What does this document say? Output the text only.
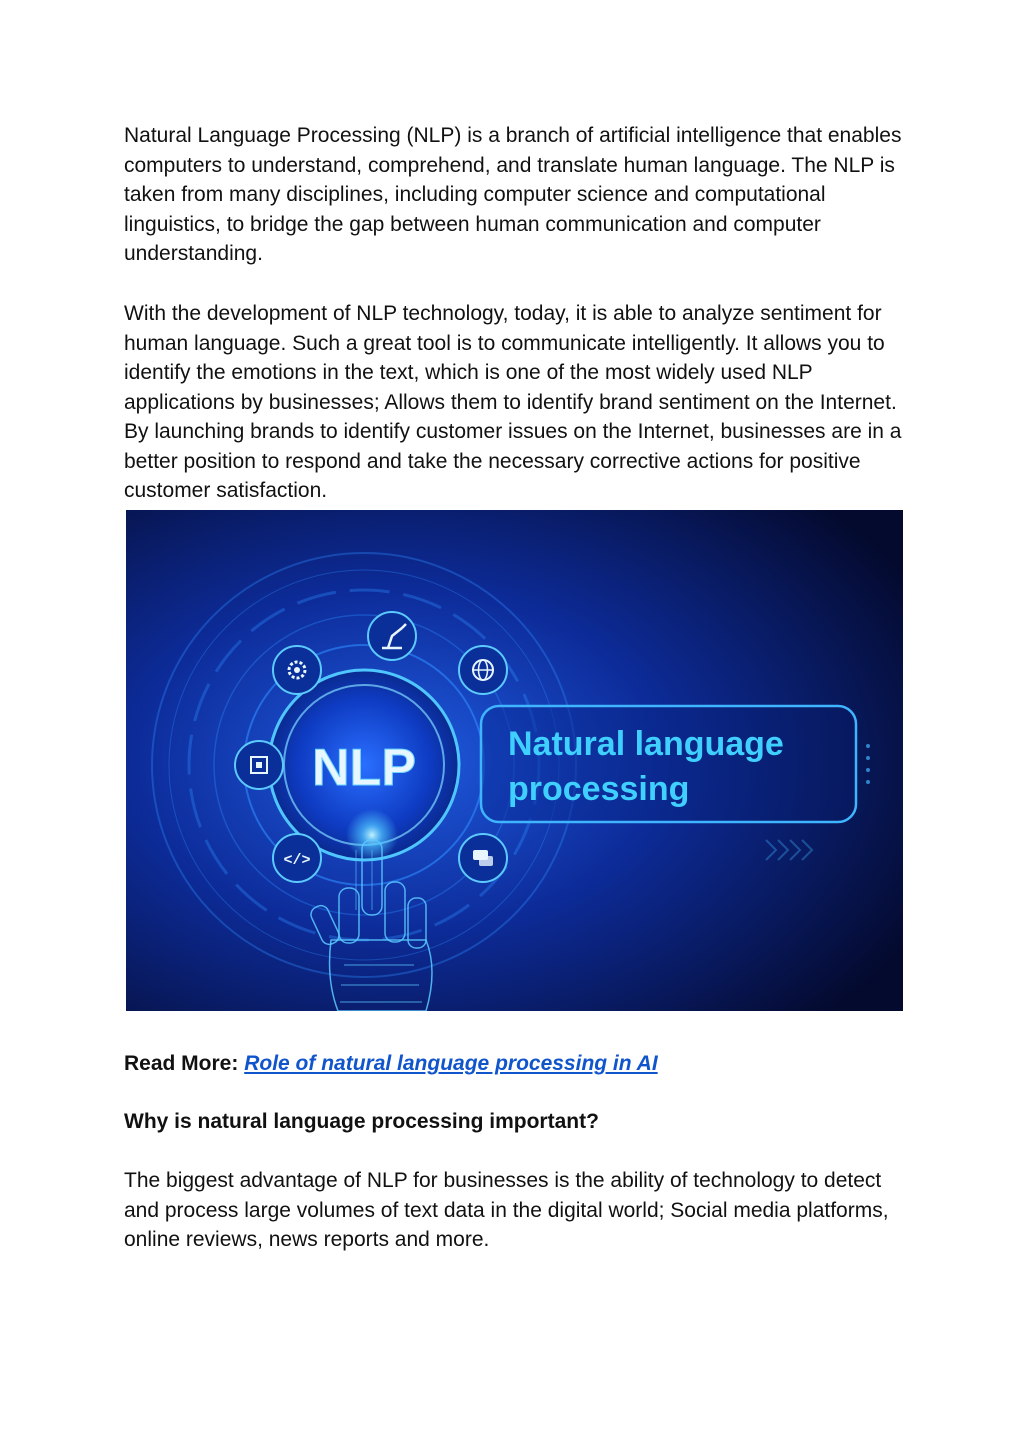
Natural Language Processing (NLP) is a branch of artificial intelligence that enables computers to understand, comprehend, and translate human language. The NLP is taken from many disciplines, including computer science and computational linguistics, to bridge the gap between human communication and computer understanding.

With the development of NLP technology, today, it is able to analyze sentiment for human language. Such a great tool is to communicate intelligently. It allows you to identify the emotions in the text, which is one of the most widely used NLP applications by businesses; Allows them to identify brand sentiment on the Internet. By launching brands to identify customer issues on the Internet, businesses are in a better position to respond and take the necessary corrective actions for positive customer satisfaction.

Natural language
processing
NLP
</>

Read More: Role of natural language processing in AI

Why is natural language processing important?

The biggest advantage of NLP for businesses is the ability of technology to detect and process large volumes of text data in the digital world; Social media platforms, online reviews, news reports and more.
